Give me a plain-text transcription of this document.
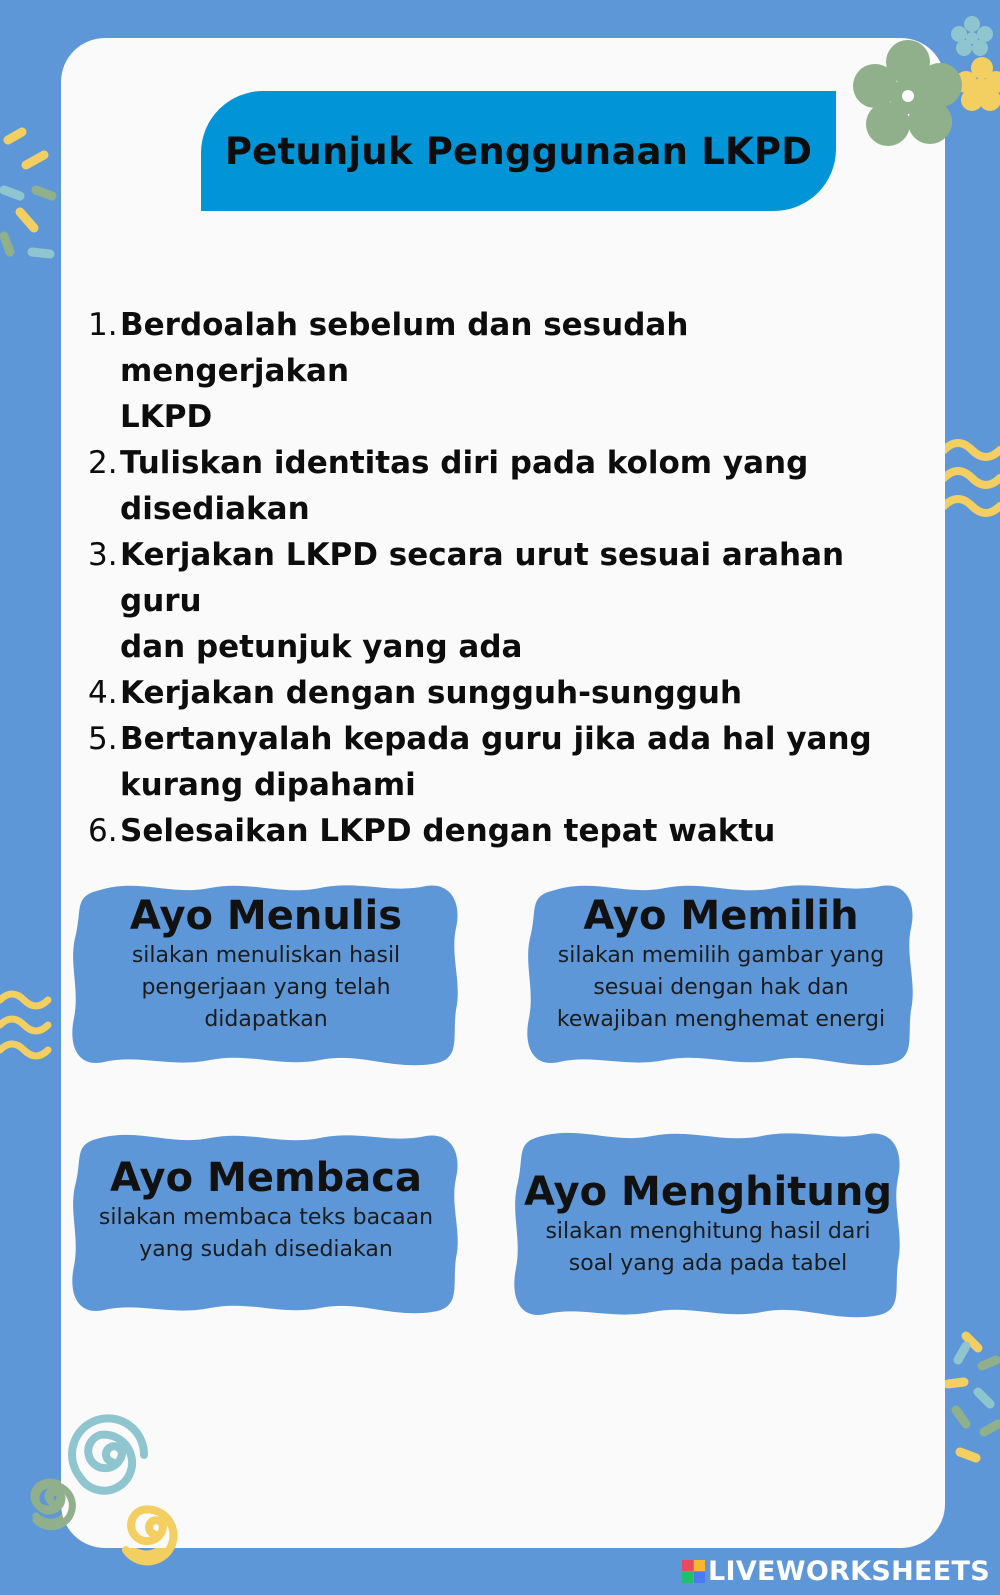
Petunjuk Penggunaan LKPD
1. Berdoalah sebelum dan sesudah mengerjakan
LKPD
2. Tuliskan identitas diri pada kolom yang
disediakan
3. Kerjakan LKPD secara urut sesuai arahan guru
dan petunjuk yang ada
4. Kerjakan dengan sungguh-sungguh
5. Bertanyalah kepada guru jika ada hal yang
kurang dipahami
6. Selesaikan LKPD dengan tepat waktu
Ayo Menulis
silakan menuliskan hasil
pengerjaan yang telah
didapatkan
Ayo Memilih
silakan memilih gambar yang
sesuai dengan hak dan
kewajiban menghemat energi
Ayo Membaca
silakan membaca teks bacaan
yang sudah disediakan
Ayo Menghitung
silakan menghitung hasil dari
soal yang ada pada tabel
LIVEWORKSHEETS
